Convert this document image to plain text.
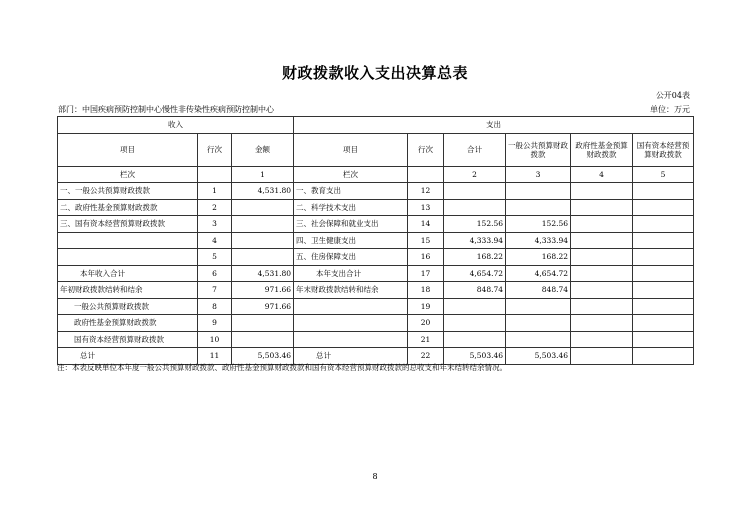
财政拨款收入支出决算总表
公开04表
部门：中国疾病预防控制中心慢性非传染性疾病预防控制中心	单位：万元
收入			支出					
项目	行次	金额	项目	行次	合计	一般公共预算财政拨款	政府性基金预算财政拨款	国有资本经营预算财政拨款
栏次		1	栏次		2	3	4	5
一、一般公共预算财政拨款	1	4,531.80	一、教育支出	12				
二、政府性基金预算财政拨款	2		二、科学技术支出	13				
三、国有资本经营预算财政拨款	3		三、社会保障和就业支出	14	152.56	152.56		
	4		四、卫生健康支出	15	4,333.94	4,333.94		
	5		五、住房保障支出	16	168.22	168.22		
本年收入合计	6	4,531.80	本年支出合计	17	4,654.72	4,654.72		
年初财政拨款结转和结余	7	971.66	年末财政拨款结转和结余	18	848.74	848.74		
一般公共预算财政拨款	8	971.66		19				
政府性基金预算财政拨款	9			20				
国有资本经营预算财政拨款	10			21				
总计	11	5,503.46	总计	22	5,503.46	5,503.46		
注：本表反映单位本年度一般公共预算财政拨款、政府性基金预算财政拨款和国有资本经营预算财政拨款的总收支和年末结转结余情况。
8
